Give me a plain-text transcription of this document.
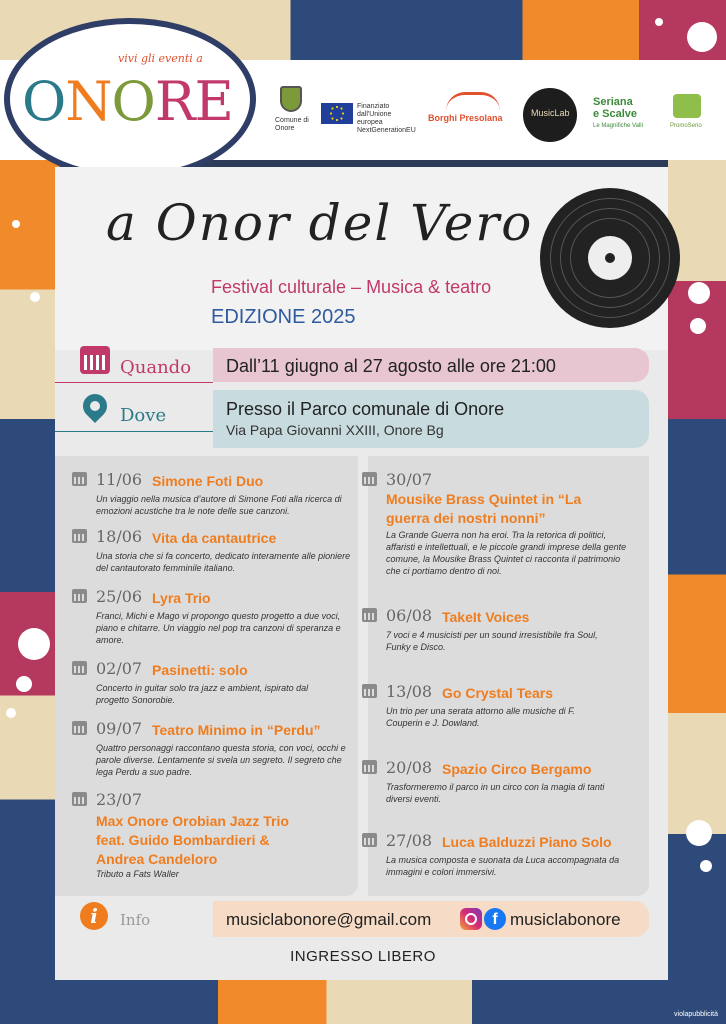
vivi gli eventi a
ONORE	Comune di Onore
Finanziato dall'Unione europea NextGenerationEU
Borghi Presolana	MusicLab
Seriana e Scalve
Le Magnifiche Valli	PromoSerio
a Onor del Vero
Festival culturale – Musica & teatro
EDIZIONE 2025
Quando Dall’11 giugno al 27 agosto alle ore 21:00
Dove	Presso il Parco comunale di Onore
Via Papa Giovanni XXIII, Onore Bg
11/06 Simone Foti Duo
Un viaggio nella musica d’autore di Simone Foti alla ricerca di emozioni acustiche tra le note delle sue canzoni.
18/06 Vita da cantautrice
Una storia che si fa concerto, dedicato interamente alle pioniere del cantautorato femminile italiano.
25/06 Lyra Trio
Franci, Michi e Mago vi propongo questo progetto a due voci, piano e chitarre. Un viaggio nel pop tra canzoni di speranza e amore.
02/07 Pasinetti: solo
Concerto in guitar solo tra jazz e ambient, ispirato dal progetto Sonorobie.
09/07 Teatro Minimo in “Perdu”
Quattro personaggi raccontano questa storia, con voci, occhi e parole diverse. Lentamente si svela un segreto. Il segreto che lega Perdu a suo padre.
23/07
Max Onore Orobian Jazz Trio feat. Guido Bombardieri & Andrea Candeloro
Tributo a Fats Waller
30/07
Mousike Brass Quintet in “La guerra dei nostri nonni”
La Grande Guerra non ha eroi. Tra la retorica di politici, affaristi e intellettuali, e le piccole grandi imprese della gente comune, la Mousike Brass Quintet ci racconta il patrimonio che ci portiamo dentro di noi.
06/08 TakeIt Voices
7 voci e 4 musicisti per un sound irresistibile fra Soul, Funky e Disco.
13/08 Go Crystal Tears
Un trio per una serata attorno alle musiche di F. Couperin e J. Dowland.
20/08 Spazio Circo Bergamo
Trasformeremo il parco in un circo con la magia di tanti diversi eventi.
27/08 Luca Balduzzi Piano Solo
La musica composta e suonata da Luca accompagnata da immagini e colori immersivi.
i	Info	musiclabonore@gmail.com	f musiclabonore
INGRESSO LIBERO
violapubblicità
